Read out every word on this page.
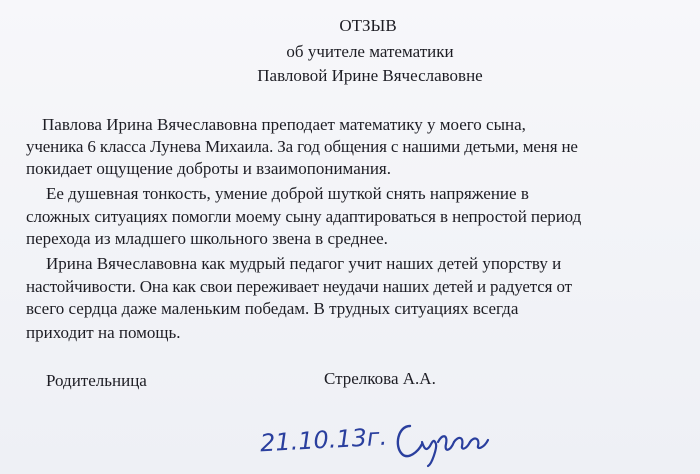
ОТЗЫВ
об учителе математики
Павловой Ирине Вячеславовне
Павлова Ирина Вячеславовна преподает математику у моего сына,
ученика 6 класса Лунева Михаила. За год общения с нашими детьми, меня не
покидает ощущение доброты и взаимопонимания.
Ее душевная тонкость, умение доброй шуткой снять напряжение в
сложных ситуациях помогли моему сыну адаптироваться в непростой период
перехода из младшего школьного звена в среднее.
Ирина Вячеславовна как мудрый педагог учит наших детей упорству и
настойчивости. Она как свои переживает неудачи наших детей и радуется от
всего сердца даже маленьким победам. В трудных ситуациях всегда
приходит на помощь.
Родительница	Стрелкова А.А.
21.10.13г.
